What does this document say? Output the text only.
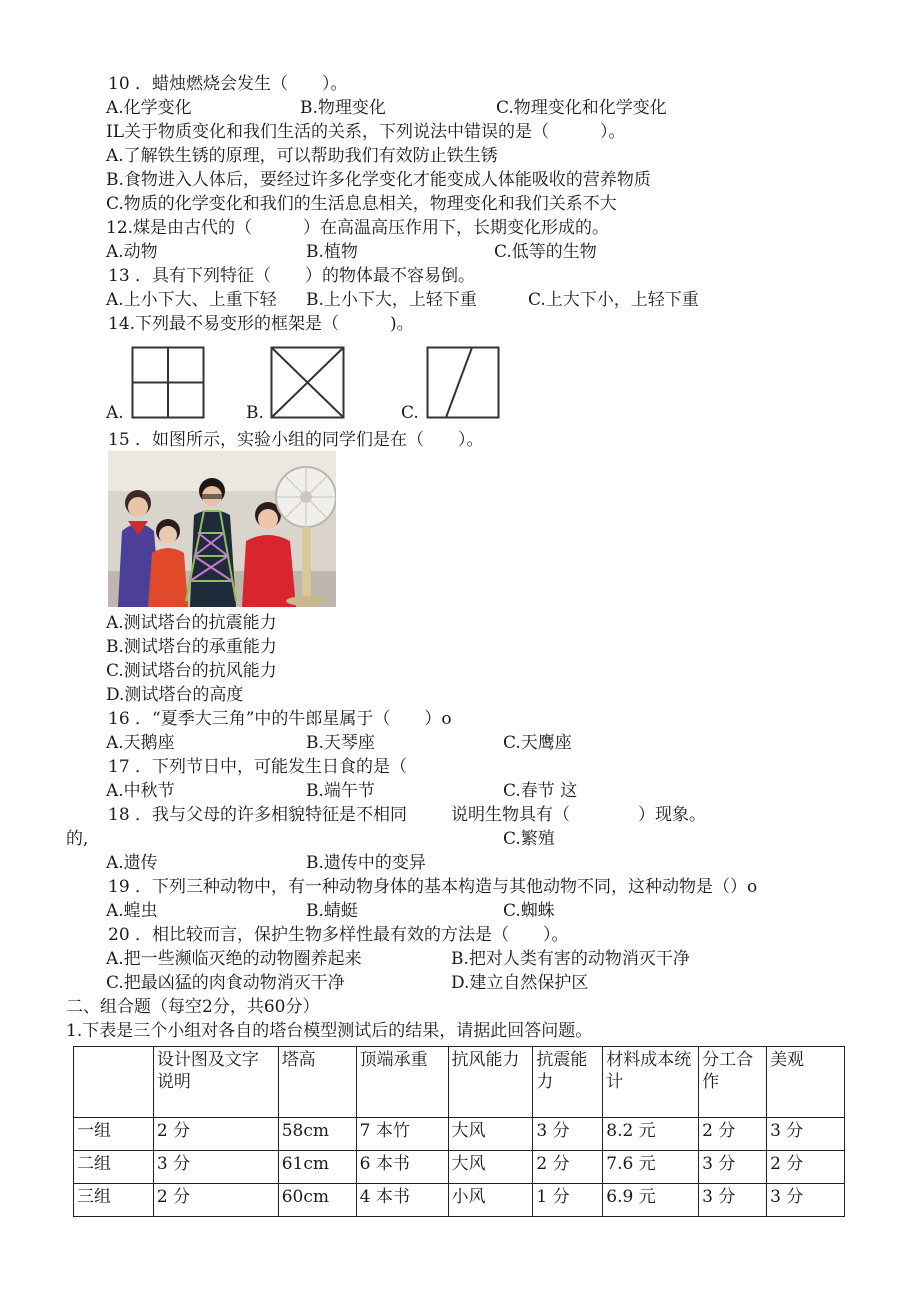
10 ．蜡烛燃烧会发生（　　）。
A.化学变化	B.物理变化	C.物理变化和化学变化
IL关于物质变化和我们生活的关系，下列说法中错误的是（　　　）。
A.了解铁生锈的原理，可以帮助我们有效防止铁生锈
B.食物进入人体后，要经过许多化学变化才能变成人体能吸收的营养物质
C.物质的化学变化和我们的生活息息相关，物理变化和我们关系不大
12.煤是由古代的（　　　）在高温高压作用下，长期变化形成的。
A.动物	B.植物	C.低等的生物
13 ．具有下列特征（　　）的物体最不容易倒。
A.上小下大、上重下轻 B.上小下大，上轻下重	C.上大下小，上轻下重
14.下列最不易变形的框架是（　　　)。
A.	B.	C.
15 ．如图所示，实验小组的同学们是在（　　）。
A.测试塔台的抗震能力
B.测试塔台的承重能力
C.测试塔台的抗风能力
D.测试塔台的高度
16 ．“夏季大三角”中的牛郎星属于（　　）o
A.天鹅座	B.天琴座	C.天鹰座
17 ．下列节日中，可能发生日食的是（
A.中秋节	B.端午节	C.春节 这
18 ．我与父母的许多相貌特征是不相同	说明生物具有（　　　　）现象。
的,	C.繁殖
A.遗传	B.遗传中的变异
19 ．下列三种动物中，有一种动物身体的基本构造与其他动物不同，这种动物是（）o
A.蝗虫	B.蜻蜓	C.蜘蛛
20 ．相比较而言，保护生物多样性最有效的方法是（　　）。
A.把一些濒临灭绝的动物圈养起来	B.把对人类有害的动物消灭干净
C.把最凶猛的肉食动物消灭干净	D.建立自然保护区
二、组合题（每空2分，共60分）
1.下表是三个小组对各自的塔台模型测试后的结果，请据此回答问题。
	设计图及文字说明	塔高	顶端承重	抗风能力	抗震能力	材料成本统计	分工合作	美观
一组	2 分	58cm	7 本竹	大风	3 分	8.2 元	2 分	3 分
二组	3 分	61cm	6 本书	大风	2 分	7.6 元	3 分	2 分
三组	2 分	60cm	4 本书	小风	1 分	6.9 元	3 分	3 分
